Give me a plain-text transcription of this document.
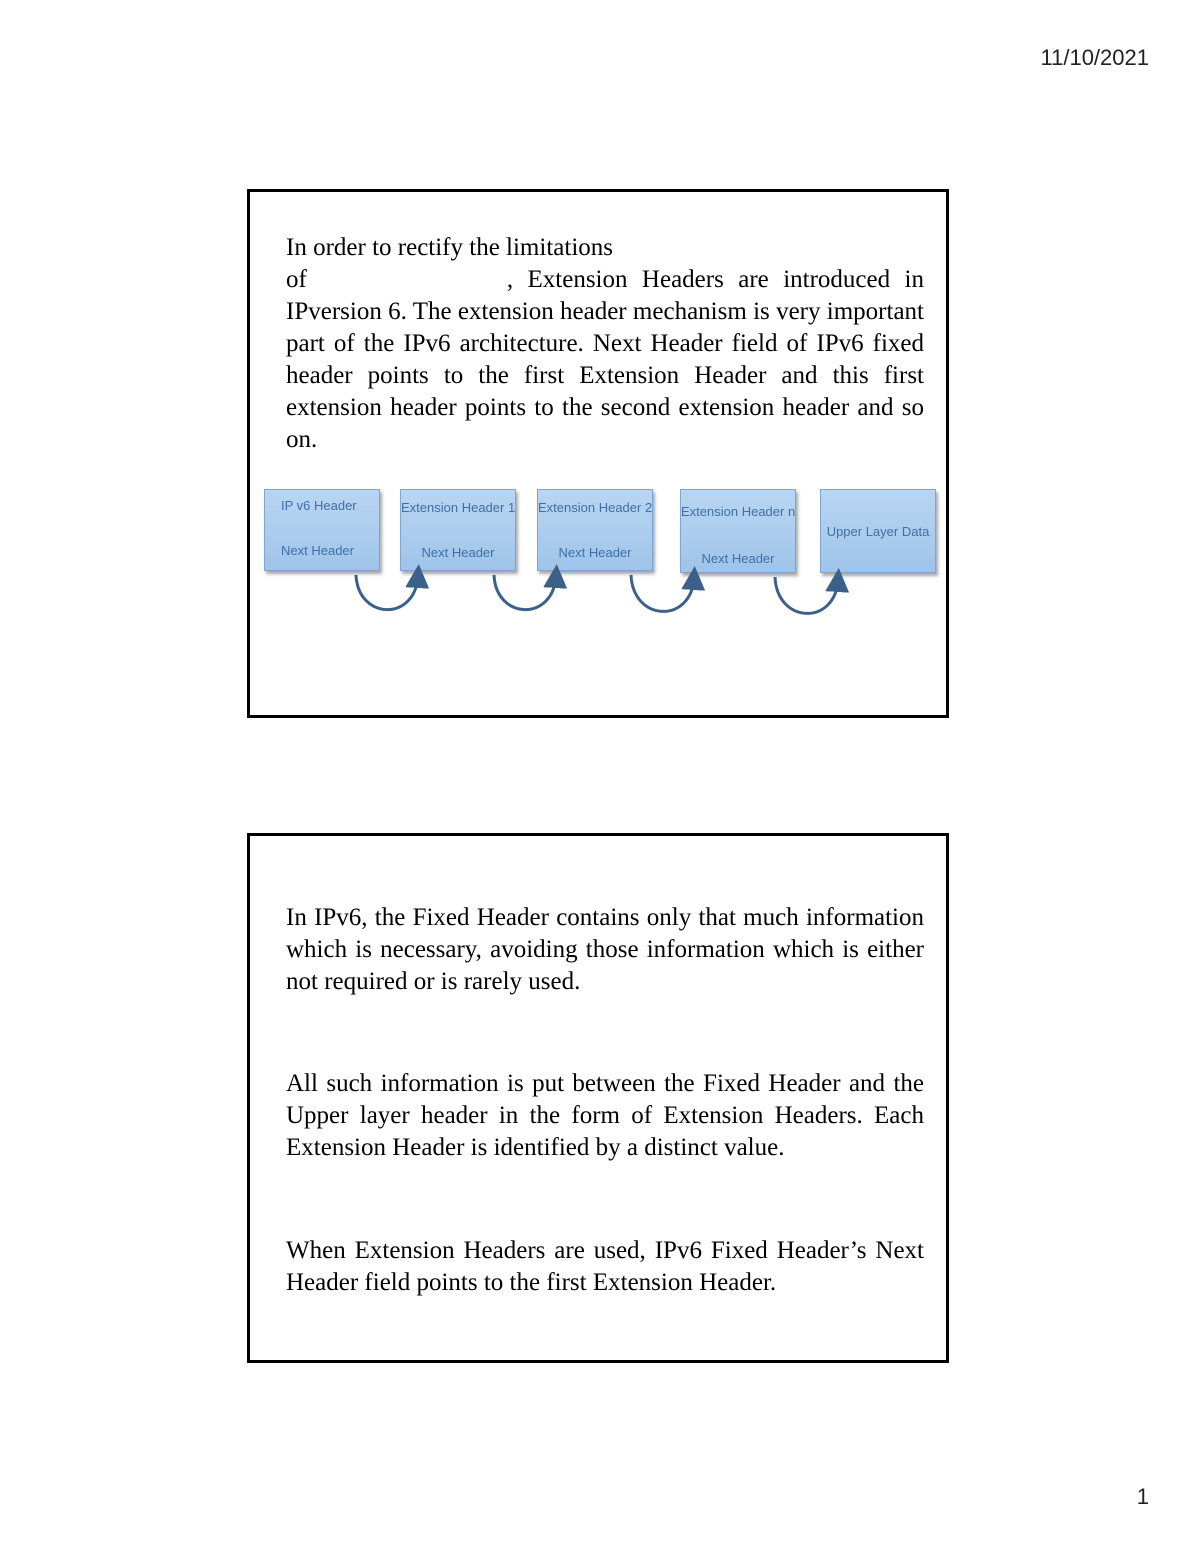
11/10/2021

In order to rectify the limitations
of	, Extension Headers are introduced in IPversion 6. The extension header mechanism is very important part of the IPv6 architecture. Next Header field of IPv6 fixed header points to the first Extension Header and this first extension header points to the second extension header and so on.

IP v6 Header
Next Header
Extension Header 1
Next Header
Extension Header 2
Next Header
Extension Header n
Next Header
Upper Layer Data

In IPv6, the Fixed Header contains only that much information which is necessary, avoiding those information which is either not required or is rarely used.

All such information is put between the Fixed Header and the Upper layer header in the form of Extension Headers. Each Extension Header is identified by a distinct value.

When Extension Headers are used, IPv6 Fixed Header’s Next Header field points to the first Extension Header.

1
